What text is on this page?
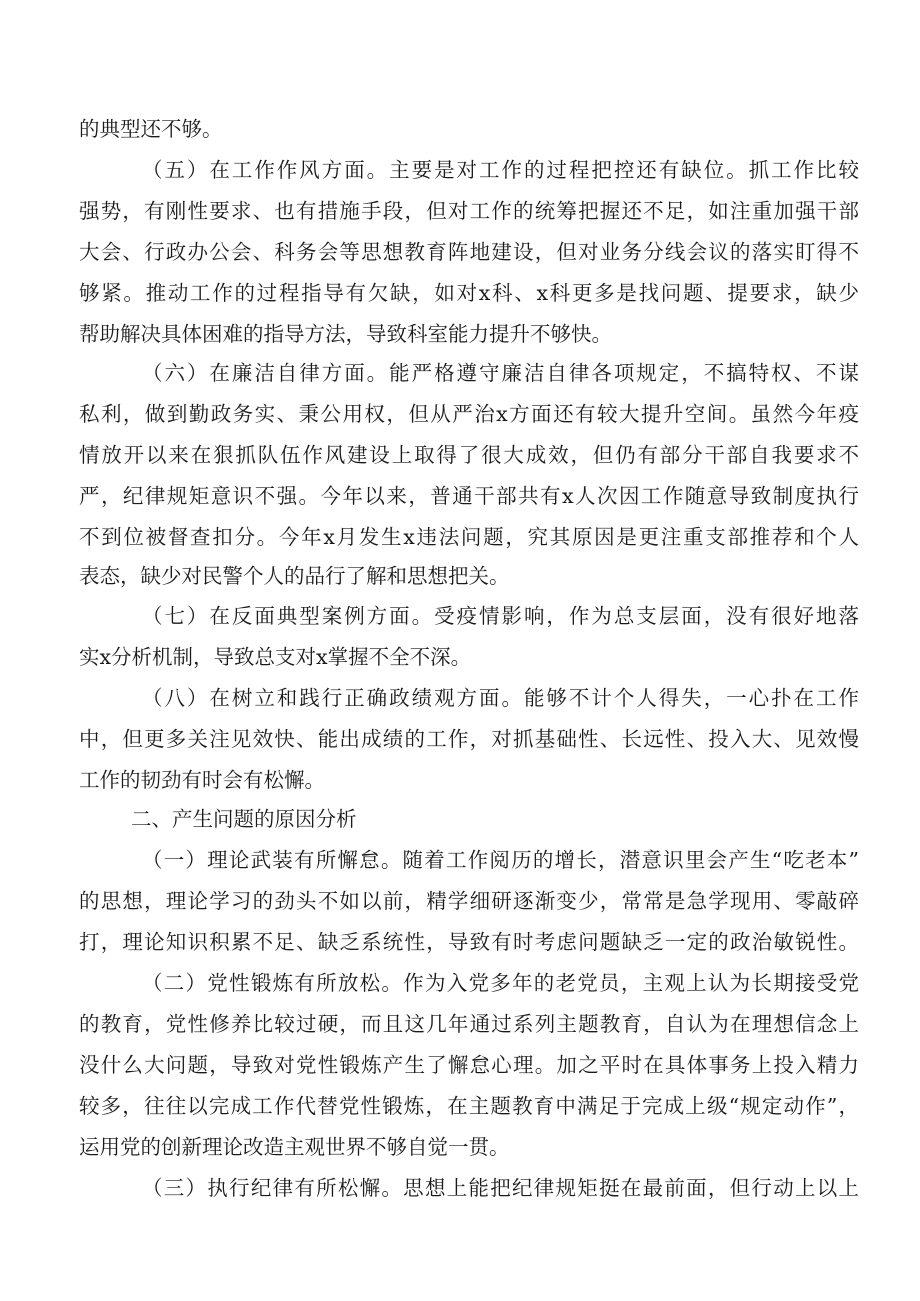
的典型还不够。
（五）在工作作风方面。主要是对工作的过程把控还有缺位。抓工作比较
强势，有刚性要求、也有措施手段，但对工作的统筹把握还不足，如注重加强干部
大会、行政办公会、科务会等思想教育阵地建设，但对业务分线会议的落实盯得不
够紧。推动工作的过程指导有欠缺，如对x科、x科更多是找问题、提要求，缺少
帮助解决具体困难的指导方法，导致科室能力提升不够快。
（六）在廉洁自律方面。能严格遵守廉洁自律各项规定，不搞特权、不谋
私利，做到勤政务实、秉公用权，但从严治x方面还有较大提升空间。虽然今年疫
情放开以来在狠抓队伍作风建设上取得了很大成效，但仍有部分干部自我要求不
严，纪律规矩意识不强。今年以来，普通干部共有x人次因工作随意导致制度执行
不到位被督查扣分。今年x月发生x违法问题，究其原因是更注重支部推荐和个人
表态，缺少对民警个人的品行了解和思想把关。
（七）在反面典型案例方面。受疫情影响，作为总支层面，没有很好地落
实x分析机制，导致总支对x掌握不全不深。
（八）在树立和践行正确政绩观方面。能够不计个人得失，一心扑在工作
中，但更多关注见效快、能出成绩的工作，对抓基础性、长远性、投入大、见效慢
工作的韧劲有时会有松懈。
二、产生问题的原因分析
（一）理论武装有所懈怠。随着工作阅历的增长，潜意识里会产生“吃老本”
的思想，理论学习的劲头不如以前，精学细研逐渐变少，常常是急学现用、零敲碎
打，理论知识积累不足、缺乏系统性，导致有时考虑问题缺乏一定的政治敏锐性。
（二）党性锻炼有所放松。作为入党多年的老党员，主观上认为长期接受党
的教育，党性修养比较过硬，而且这几年通过系列主题教育，自认为在理想信念上
没什么大问题，导致对党性锻炼产生了懈怠心理。加之平时在具体事务上投入精力
较多，往往以完成工作代替党性锻炼，在主题教育中满足于完成上级“规定动作”，
运用党的创新理论改造主观世界不够自觉一贯。
（三）执行纪律有所松懈。思想上能把纪律规矩挺在最前面，但行动上以上
